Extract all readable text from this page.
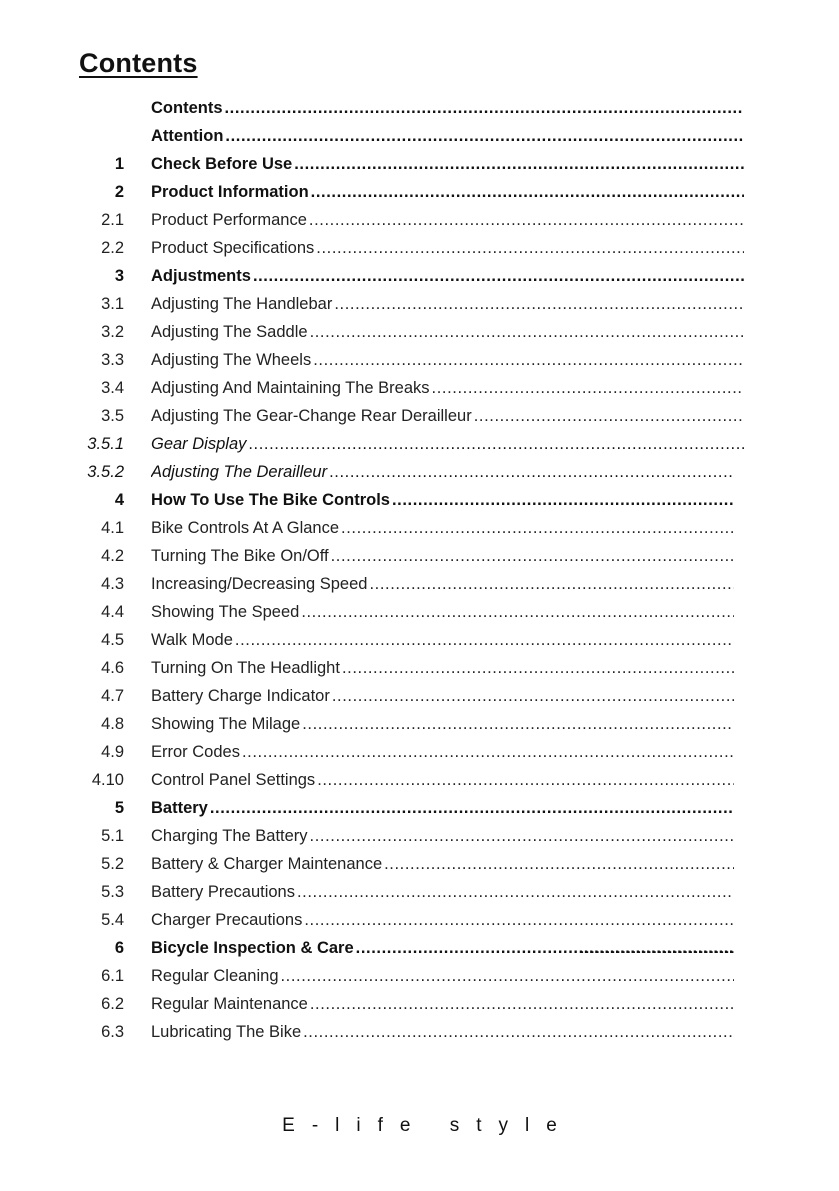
Contents
Contents
.....
Attention
.....
1 Check Before Use
.....
2 Product Information
.....
2.1 Product Performance
.....
2.2 Product Specifications
.....
3 Adjustments
.....
3.1 Adjusting The Handlebar
.....
3.2 Adjusting The Saddle
.....
3.3 Adjusting The Wheels
.....
3.4 Adjusting And Maintaining The Breaks
.....
3.5 Adjusting The Gear-Change Rear Derailleur
.....
3.5.1 Gear Display
.....
3.5.2 Adjusting The Derailleur
.....
4 How To Use The Bike Controls
.....
4.1 Bike Controls At A Glance
.....
4.2 Turning The Bike On/Off
.....
4.3 Increasing/Decreasing Speed
.....
4.4 Showing The Speed
.....
4.5 Walk Mode
.....
4.6 Turning On The Headlight
.....
4.7 Battery Charge Indicator
.....
4.8 Showing The Milage
.....
4.9 Error Codes
.....
4.10 Control Panel Settings
.....
5 Battery
.....
5.1 Charging The Battery
.....
5.2 Battery & Charger Maintenance
.....
5.3 Battery Precautions
.....
5.4 Charger Precautions
.....
.....
6 Bicycle Inspection & Care
.....
6.1 Regular Cleaning
.....
6.2 Regular Maintenance
.....
6.3 Lubricating The Bike
.....
E-life style
